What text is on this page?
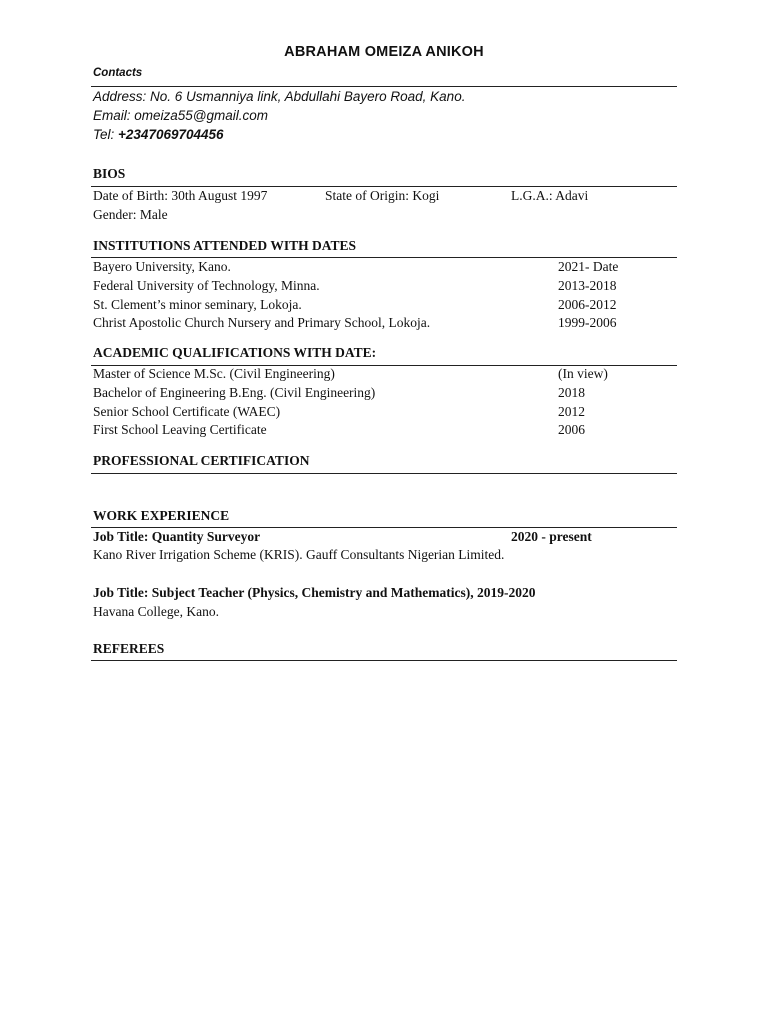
ABRAHAM OMEIZA ANIKOH
Contacts
Address: No. 6 Usmanniya link, Abdullahi Bayero Road, Kano.
Email: omeiza55@gmail.com
Tel: +2347069704456
BIOS
Date of Birth: 30th August 1997	State of Origin: Kogi	L.G.A.: Adavi
Gender: Male
INSTITUTIONS ATTENDED WITH DATES
Bayero University, Kano.	2021- Date
Federal University of Technology, Minna.	2013-2018
St. Clement’s minor seminary, Lokoja.	2006-2012
Christ Apostolic Church Nursery and Primary School, Lokoja.	1999-2006
ACADEMIC QUALIFICATIONS WITH DATE:
Master of Science M.Sc. (Civil Engineering)	(In view)
Bachelor of Engineering B.Eng. (Civil Engineering)	2018
Senior School Certificate (WAEC)	2012
First School Leaving Certificate	2006
PROFESSIONAL CERTIFICATION
WORK EXPERIENCE
Job Title: Quantity Surveyor	2020 - present
Kano River Irrigation Scheme (KRIS). Gauff Consultants Nigerian Limited.
Job Title: Subject Teacher (Physics, Chemistry and Mathematics), 2019-2020
Havana College, Kano.
REFEREES
